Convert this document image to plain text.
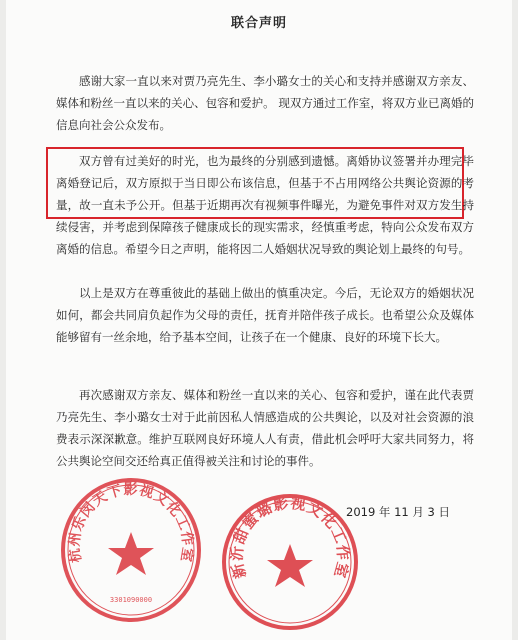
联合声明

感谢大家一直以来对贾乃亮先生、李小璐女士的关心和支持并感谢双方亲友、媒体和粉丝一直以来的关心、包容和爱护。 现双方通过工作室，将双方业已离婚的信息向社会公众发布。

双方曾有过美好的时光，也为最终的分别感到遗憾。离婚协议签署并办理完毕离婚登记后，双方原拟于当日即公布该信息，但基于不占用网络公共舆论资源的考量，故一直未予公开。但基于近期再次有视频事件曝光，为避免事件对双方发生持续侵害，并考虑到保障孩子健康成长的现实需求，经慎重考虑，特向公众发布双方离婚的信息。希望今日之声明，能将因二人婚姻状况导致的舆论划上最终的句号。

以上是双方在尊重彼此的基础上做出的慎重决定。今后，无论双方的婚姻状况如何，都会共同肩负起作为父母的责任，抚育并陪伴孩子成长。也希望公众及媒体能够留有一丝余地，给予基本空间，让孩子在一个健康、良好的环境下长大。

再次感谢双方亲友、媒体和粉丝一直以来的关心、包容和爱护，谨在此代表贾乃亮先生、李小璐女士对于此前因私人情感造成的公共舆论，以及对社会资源的浪费表示深深歉意。维护互联网良好环境人人有责，借此机会呼吁大家共同努力，将公共舆论空间交还给真正值得被关注和讨论的事件。

2019 年 11 月 3 日
杭州乐闵天下影视文化工作室
3301090000
新沂甜蜜璐影视文化工作室
